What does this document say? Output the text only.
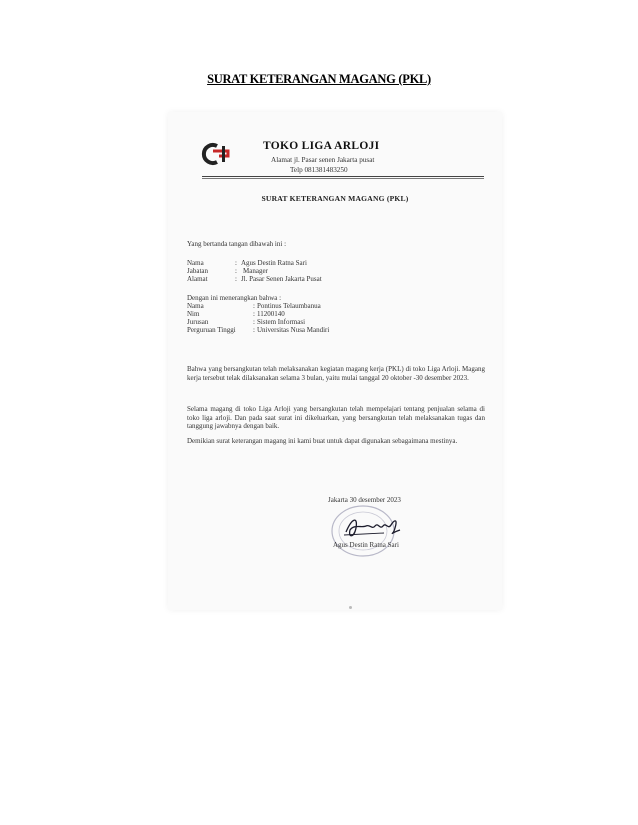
SURAT KETERANGAN MAGANG (PKL)
TOKO LIGA ARLOJI
Alamat jl. Pasar senen Jakarta pusat
Telp 081381483250
SURAT KETERANGAN MAGANG (PKL)
Yang bertanda tangan dibawah ini :
Nama	: Agus Destin Ratna Sari
Jabatan	: Manager
Alamat	: Jl. Pasar Senen Jakarta Pusat
Dengan ini menerangkan bahwa :
Nama	: Pontinus Telaumbanua
Nim	: 11200140
Jurusan	: Sistem Informasi
Perguruan Tinggi : Universitas Nusa Mandiri
Bahwa yang bersangkutan telah melaksanakan kegiatan magang kerja (PKL) di toko Liga Arloji. Magang kerja tersebut telak dilaksanakan selama 3 bulan, yaitu mulai tanggal 20 oktober -30 desember 2023.
Selama magang di toko Liga Arloji yang bersangkutan telah mempelajari tentang penjualan selama di toko liga arloji. Dan pada saat surat ini dikeluarkan, yang bersangkutan telah melaksanakan tugas dan tanggung jawabnya dengan baik.
Demikian surat keterangan magang ini kami buat untuk dapat digunakan sebagaimana mestinya.
Jakarta 30 desember 2023
Agus Destin Ratna Sari
